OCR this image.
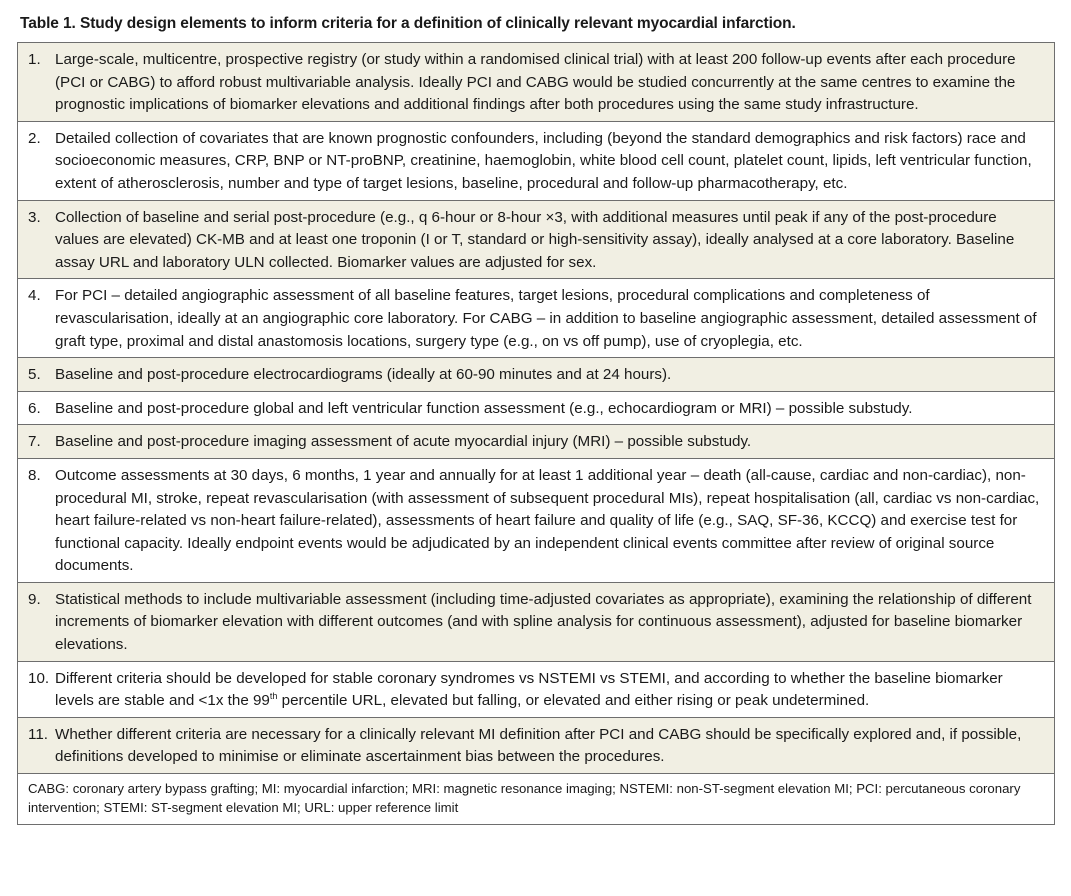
Table 1. Study design elements to inform criteria for a definition of clinically relevant myocardial infarction.
1. Large-scale, multicentre, prospective registry (or study within a randomised clinical trial) with at least 200 follow-up events after each procedure (PCI or CABG) to afford robust multivariable analysis. Ideally PCI and CABG would be studied concurrently at the same centres to examine the prognostic implications of biomarker elevations and additional findings after both procedures using the same study infrastructure.
2. Detailed collection of covariates that are known prognostic confounders, including (beyond the standard demographics and risk factors) race and socioeconomic measures, CRP, BNP or NT-proBNP, creatinine, haemoglobin, white blood cell count, platelet count, lipids, left ventricular function, extent of atherosclerosis, number and type of target lesions, baseline, procedural and follow-up pharmacotherapy, etc.
3. Collection of baseline and serial post-procedure (e.g., q 6-hour or 8-hour ×3, with additional measures until peak if any of the post-procedure values are elevated) CK-MB and at least one troponin (I or T, standard or high-sensitivity assay), ideally analysed at a core laboratory. Baseline assay URL and laboratory ULN collected. Biomarker values are adjusted for sex.
4. For PCI – detailed angiographic assessment of all baseline features, target lesions, procedural complications and completeness of revascularisation, ideally at an angiographic core laboratory. For CABG – in addition to baseline angiographic assessment, detailed assessment of graft type, proximal and distal anastomosis locations, surgery type (e.g., on vs off pump), use of cryoplegia, etc.
5. Baseline and post-procedure electrocardiograms (ideally at 60-90 minutes and at 24 hours).
6. Baseline and post-procedure global and left ventricular function assessment (e.g., echocardiogram or MRI) – possible substudy.
7. Baseline and post-procedure imaging assessment of acute myocardial injury (MRI) – possible substudy.
8. Outcome assessments at 30 days, 6 months, 1 year and annually for at least 1 additional year – death (all-cause, cardiac and non-cardiac), non-procedural MI, stroke, repeat revascularisation (with assessment of subsequent procedural MIs), repeat hospitalisation (all, cardiac vs non-cardiac, heart failure-related vs non-heart failure-related), assessments of heart failure and quality of life (e.g., SAQ, SF-36, KCCQ) and exercise test for functional capacity. Ideally endpoint events would be adjudicated by an independent clinical events committee after review of original source documents.
9. Statistical methods to include multivariable assessment (including time-adjusted covariates as appropriate), examining the relationship of different increments of biomarker elevation with different outcomes (and with spline analysis for continuous assessment), adjusted for baseline biomarker elevations.
10. Different criteria should be developed for stable coronary syndromes vs NSTEMI vs STEMI, and according to whether the baseline biomarker levels are stable and <1x the 99th percentile URL, elevated but falling, or elevated and either rising or peak undetermined.
11. Whether different criteria are necessary for a clinically relevant MI definition after PCI and CABG should be specifically explored and, if possible, definitions developed to minimise or eliminate ascertainment bias between the procedures.
CABG: coronary artery bypass grafting; MI: myocardial infarction; MRI: magnetic resonance imaging; NSTEMI: non-ST-segment elevation MI; PCI: percutaneous coronary intervention; STEMI: ST-segment elevation MI; URL: upper reference limit
